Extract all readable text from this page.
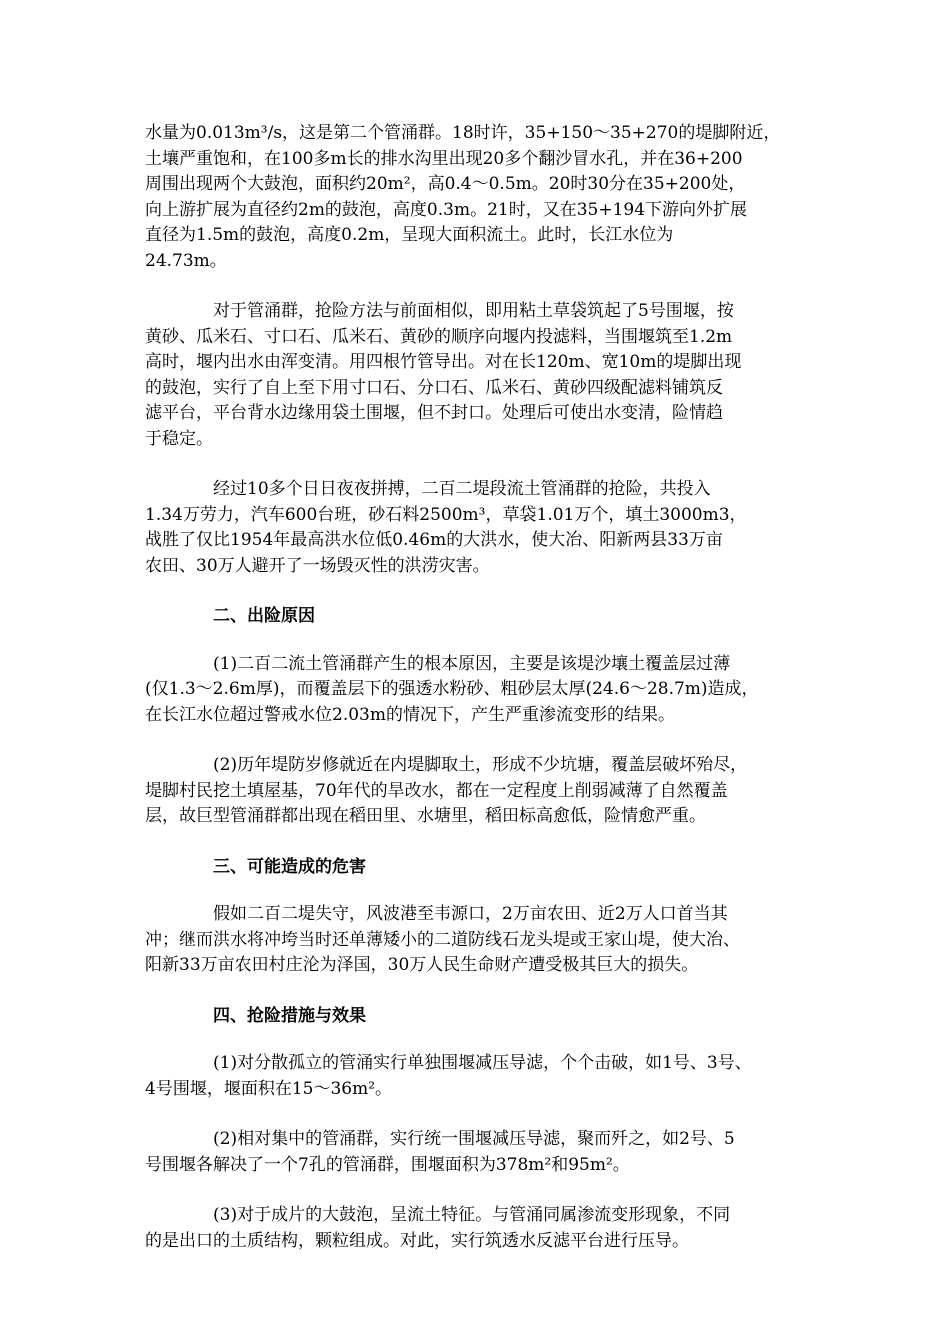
水量为0.013m³/s，这是第二个管涌群。18时许，35+150～35+270的堤脚附近，
土壤严重饱和，在100多m长的排水沟里出现20多个翻沙冒水孔，并在36+200
周围出现两个大鼓泡，面积约20m²，高0.4～0.5m。20时30分在35+200处，
向上游扩展为直径约2m的鼓泡，高度0.3m。21时，又在35+194下游向外扩展
直径为1.5m的鼓泡，高度0.2m，呈现大面积流土。此时，长江水位为
24.73m。

对于管涌群，抢险方法与前面相似，即用粘土草袋筑起了5号围堰，按
黄砂、瓜米石、寸口石、瓜米石、黄砂的顺序向堰内投滤料，当围堰筑至1.2m
高时，堰内出水由浑变清。用四根竹管导出。对在长120m、宽10m的堤脚出现
的鼓泡，实行了自上至下用寸口石、分口石、瓜米石、黄砂四级配滤料铺筑反
滤平台，平台背水边缘用袋土围堰，但不封口。处理后可使出水变清，险情趋
于稳定。

经过10多个日日夜夜拼搏，二百二堤段流土管涌群的抢险，共投入
1.34万劳力，汽车600台班，砂石料2500m³，草袋1.01万个，填土3000m3，
战胜了仅比1954年最高洪水位低0.46m的大洪水，使大冶、阳新两县33万亩
农田、30万人避开了一场毁灭性的洪涝灾害。

二、出险原因

(1)二百二流土管涌群产生的根本原因，主要是该堤沙壤土覆盖层过薄
(仅1.3～2.6m厚)，而覆盖层下的强透水粉砂、粗砂层太厚(24.6～28.7m)造成，
在长江水位超过警戒水位2.03m的情况下，产生严重渗流变形的结果。

(2)历年堤防岁修就近在内堤脚取土，形成不少坑塘，覆盖层破坏殆尽，
堤脚村民挖土填屋基，70年代的旱改水，都在一定程度上削弱减薄了自然覆盖
层，故巨型管涌群都出现在稻田里、水塘里，稻田标高愈低，险情愈严重。

三、可能造成的危害

假如二百二堤失守，风波港至韦源口，2万亩农田、近2万人口首当其
冲；继而洪水将冲垮当时还单薄矮小的二道防线石龙头堤或王家山堤，使大冶、
阳新33万亩农田村庄沦为泽国，30万人民生命财产遭受极其巨大的损失。

四、抢险措施与效果

(1)对分散孤立的管涌实行单独围堰减压导滤，个个击破，如1号、3号、
4号围堰，堰面积在15～36m²。

(2)相对集中的管涌群，实行统一围堰减压导滤，聚而歼之，如2号、5
号围堰各解决了一个7孔的管涌群，围堰面积为378m²和95m²。

(3)对于成片的大鼓泡，呈流土特征。与管涌同属渗流变形现象，不同
的是出口的土质结构，颗粒组成。对此，实行筑透水反滤平台进行压导。
